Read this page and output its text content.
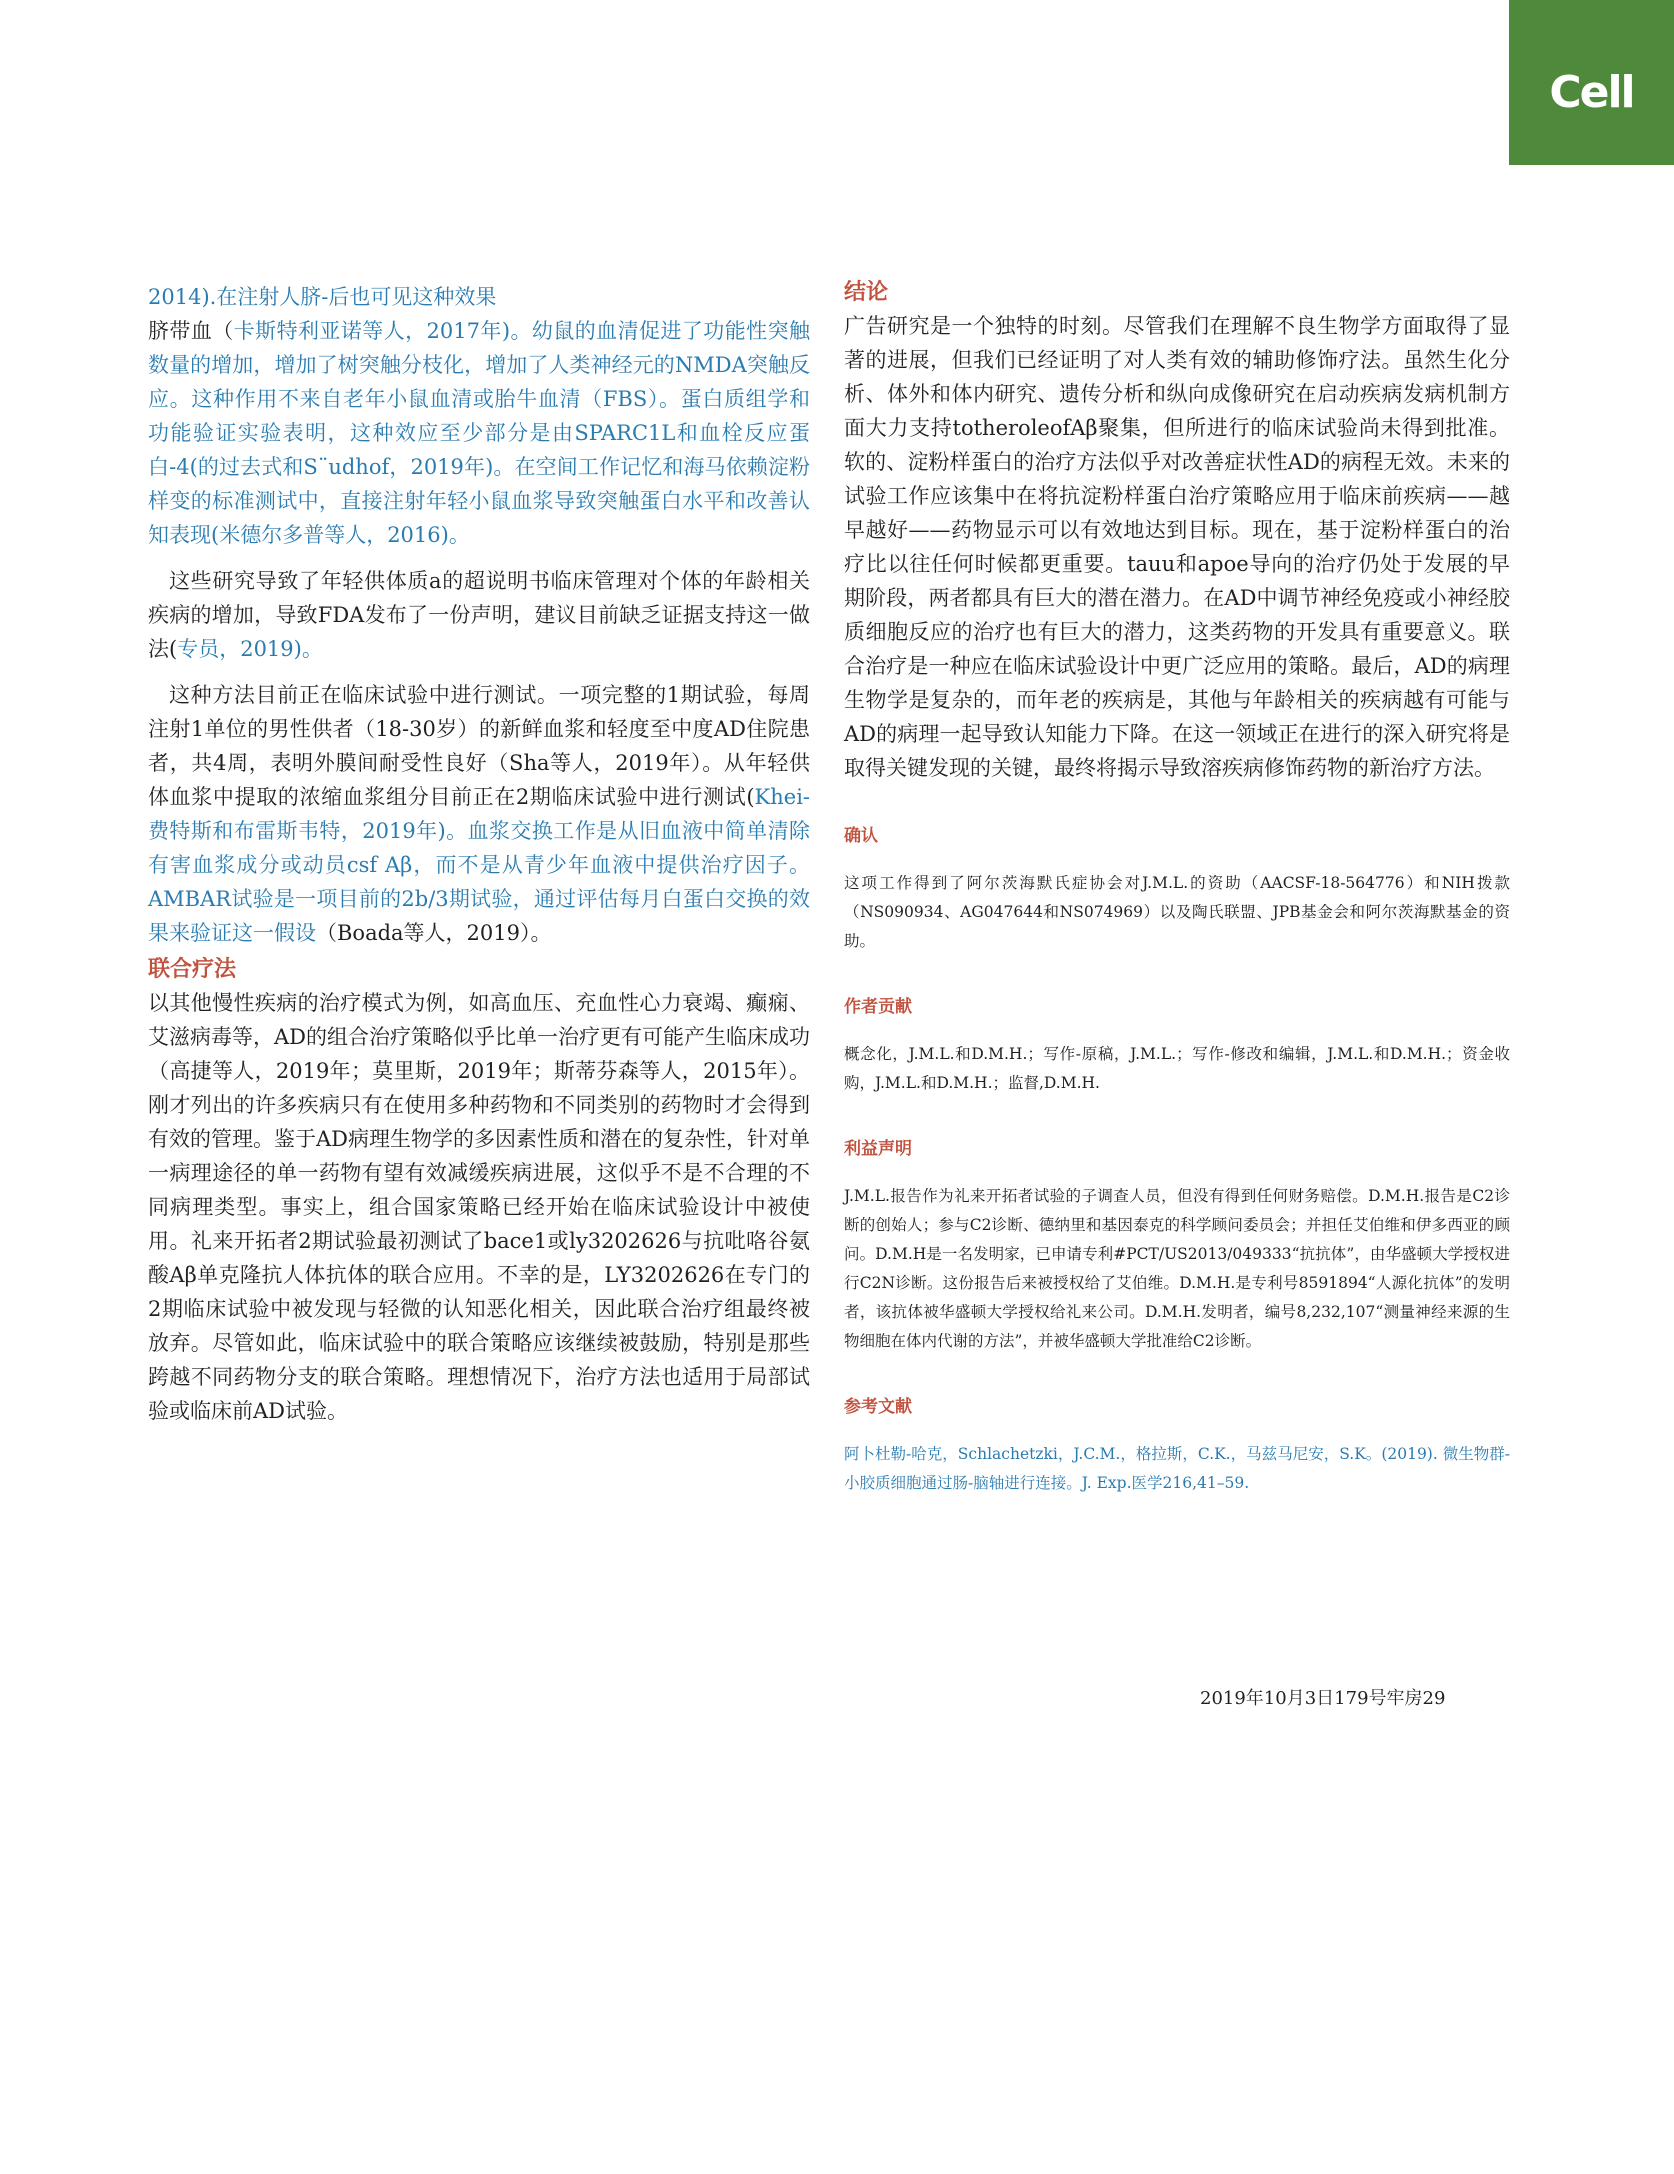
Cell

2014).在注射人脐-后也可见这种效果
脐带血（卡斯特利亚诺等人，2017年)。幼鼠的血清促进了功能性突触数量的增加，增加了树突触分枝化，增加了人类神经元的NMDA突触反应。这种作用不来自老年小鼠血清或胎牛血清（FBS）。蛋白质组学和功能验证实验表明，这种效应至少部分是由SPARC1L和血栓反应蛋白-4(的过去式和S¨udhof，2019年)。在空间工作记忆和海马依赖淀粉样变的标准测试中，直接注射年轻小鼠血浆导致突触蛋白水平和改善认知表现(米德尔多普等人，2016)。

这些研究导致了年轻供体质a的超说明书临床管理对个体的年龄相关疾病的增加，导致FDA发布了一份声明，建议目前缺乏证据支持这一做法(专员，2019)。

这种方法目前正在临床试验中进行测试。一项完整的1期试验，每周注射1单位的男性供者（18-30岁）的新鲜血浆和轻度至中度AD住院患者，共4周，表明外膜间耐受性良好（Sha等人，2019年）。从年轻供体血浆中提取的浓缩血浆组分目前正在2期临床试验中进行测试(Khei-费特斯和布雷斯韦特，2019年)。血浆交换工作是从旧血液中简单清除有害血浆成分或动员csf Aβ，而不是从青少年血液中提供治疗因子。AMBAR试验是一项目前的2b/3期试验，通过评估每月白蛋白交换的效果来验证这一假设（Boada等人，2019）。

联合疗法

以其他慢性疾病的治疗模式为例，如高血压、充血性心力衰竭、癫痫、艾滋病毒等，AD的组合治疗策略似乎比单一治疗更有可能产生临床成功（高捷等人，2019年；莫里斯，2019年；斯蒂芬森等人，2015年）。刚才列出的许多疾病只有在使用多种药物和不同类别的药物时才会得到有效的管理。鉴于AD病理生物学的多因素性质和潜在的复杂性，针对单一病理途径的单一药物有望有效减缓疾病进展，这似乎不是不合理的不同病理类型。事实上，组合国家策略已经开始在临床试验设计中被使用。礼来开拓者2期试验最初测试了bace1或ly3202626与抗吡咯谷氨酸Aβ单克隆抗人体抗体的联合应用。不幸的是，LY3202626在专门的2期临床试验中被发现与轻微的认知恶化相关，因此联合治疗组最终被放弃。尽管如此，临床试验中的联合策略应该继续被鼓励，特别是那些跨越不同药物分支的联合策略。理想情况下，治疗方法也适用于局部试验或临床前AD试验。

结论

广告研究是一个独特的时刻。尽管我们在理解不良生物学方面取得了显著的进展，但我们已经证明了对人类有效的辅助修饰疗法。虽然生化分析、体外和体内研究、遗传分析和纵向成像研究在启动疾病发病机制方面大力支持totheroleofAβ聚集，但所进行的临床试验尚未得到批准。软的、淀粉样蛋白的治疗方法似乎对改善症状性AD的病程无效。未来的试验工作应该集中在将抗淀粉样蛋白治疗策略应用于临床前疾病——越早越好——药物显示可以有效地达到目标。现在，基于淀粉样蛋白的治疗比以往任何时候都更重要。tauu和apoe导向的治疗仍处于发展的早期阶段，两者都具有巨大的潜在潜力。在AD中调节神经免疫或小神经胶质细胞反应的治疗也有巨大的潜力，这类药物的开发具有重要意义。联合治疗是一种应在临床试验设计中更广泛应用的策略。最后，AD的病理生物学是复杂的，而年老的疾病是，其他与年龄相关的疾病越有可能与AD的病理一起导致认知能力下降。在这一领域正在进行的深入研究将是取得关键发现的关键，最终将揭示导致溶疾病修饰药物的新治疗方法。

确认

这项工作得到了阿尔茨海默氏症协会对J.M.L.的资助（AACSF-18-564776）和NIH拨款（NS090934、AG047644和NS074969）以及陶氏联盟、JPB基金会和阿尔茨海默基金的资助。

作者贡献

概念化，J.M.L.和D.M.H.；写作-原稿，J.M.L.；写作-修改和编辑，J.M.L.和D.M.H.；资金收购，J.M.L.和D.M.H.；监督,D.M.H.

利益声明

J.M.L.报告作为礼来开拓者试验的子调查人员，但没有得到任何财务赔偿。D.M.H.报告是C2诊断的创始人；参与C2诊断、德纳里和基因泰克的科学顾问委员会；并担任艾伯维和伊多西亚的顾问。D.M.H是一名发明家，已申请专利#PCT/US2013/049333“抗抗体”，由华盛顿大学授权进行C2N诊断。这份报告后来被授权给了艾伯维。D.M.H.是专利号8591894“人源化抗体”的发明者，该抗体被华盛顿大学授权给礼来公司。D.M.H.发明者，编号8,232,107“测量神经来源的生物细胞在体内代谢的方法”，并被华盛顿大学批准给C2诊断。

参考文献

阿卜杜勒-哈克，Schlachetzki，J.C.M.，格拉斯，C.K.，马兹马尼安，S.K。(2019). 微生物群-小胶质细胞通过肠-脑轴进行连接。J. Exp.医学216,41–59.

2019年10月3日179号牢房29
